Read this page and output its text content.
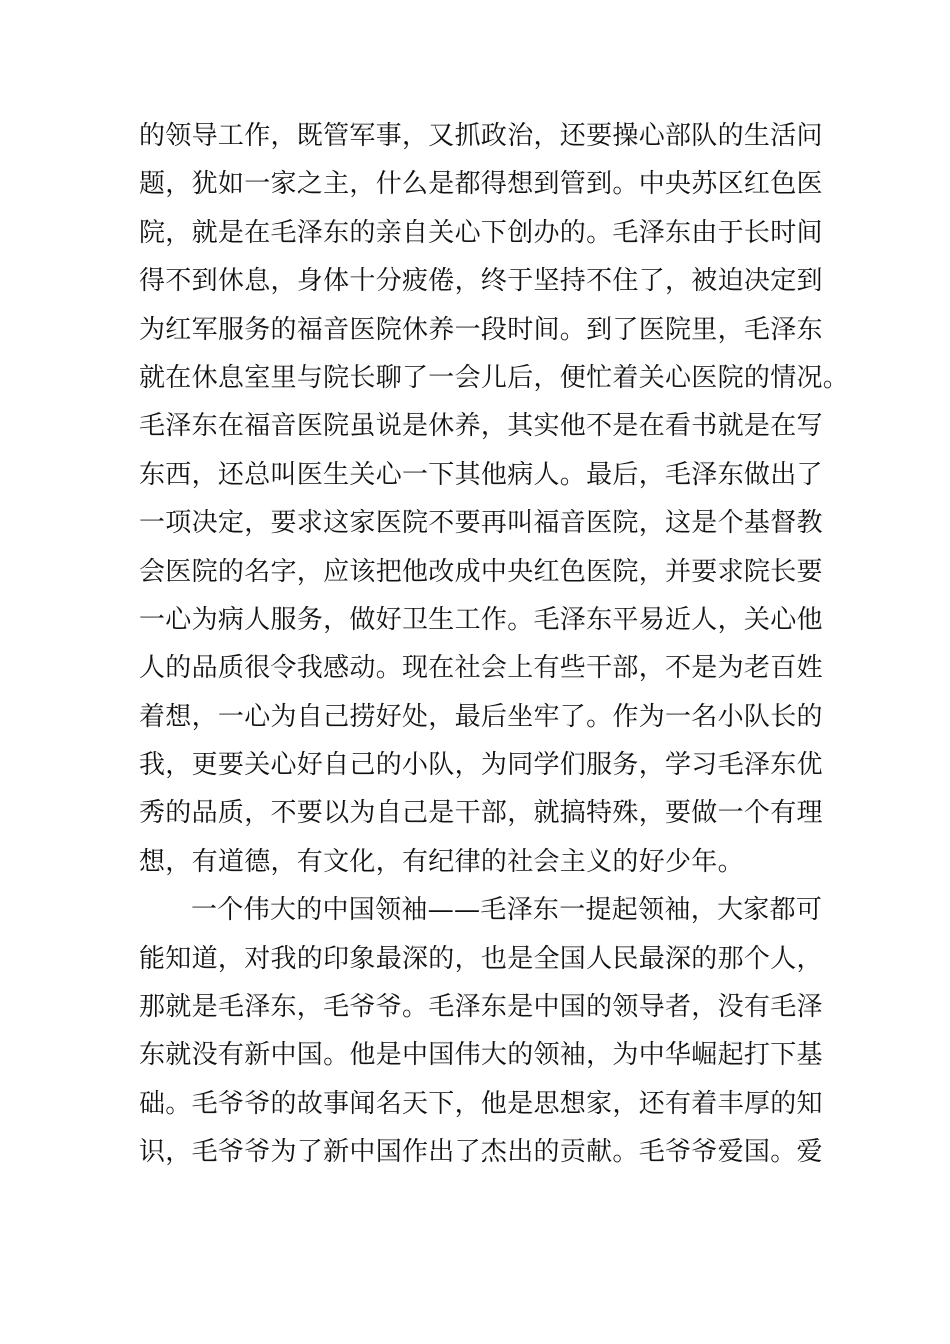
的领导工作，既管军事，又抓政治，还要操心部队的生活问
题，犹如一家之主，什么是都得想到管到。中央苏区红色医
院，就是在毛泽东的亲自关心下创办的。毛泽东由于长时间
得不到休息，身体十分疲倦，终于坚持不住了，被迫决定到
为红军服务的福音医院休养一段时间。到了医院里，毛泽东
就在休息室里与院长聊了一会儿后，便忙着关心医院的情况。
毛泽东在福音医院虽说是休养，其实他不是在看书就是在写
东西，还总叫医生关心一下其他病人。最后，毛泽东做出了
一项决定，要求这家医院不要再叫福音医院，这是个基督教
会医院的名字，应该把他改成中央红色医院，并要求院长要
一心为病人服务，做好卫生工作。毛泽东平易近人，关心他
人的品质很令我感动。现在社会上有些干部，不是为老百姓
着想，一心为自己捞好处，最后坐牢了。作为一名小队长的
我，更要关心好自己的小队，为同学们服务，学习毛泽东优
秀的品质，不要以为自己是干部，就搞特殊，要做一个有理
想，有道德，有文化，有纪律的社会主义的好少年。
一个伟大的中国领袖——毛泽东一提起领袖，大家都可
能知道，对我的印象最深的，也是全国人民最深的那个人，
那就是毛泽东，毛爷爷。毛泽东是中国的领导者，没有毛泽
东就没有新中国。他是中国伟大的领袖，为中华崛起打下基
础。毛爷爷的故事闻名天下，他是思想家，还有着丰厚的知
识，毛爷爷为了新中国作出了杰出的贡献。毛爷爷爱国。爱
